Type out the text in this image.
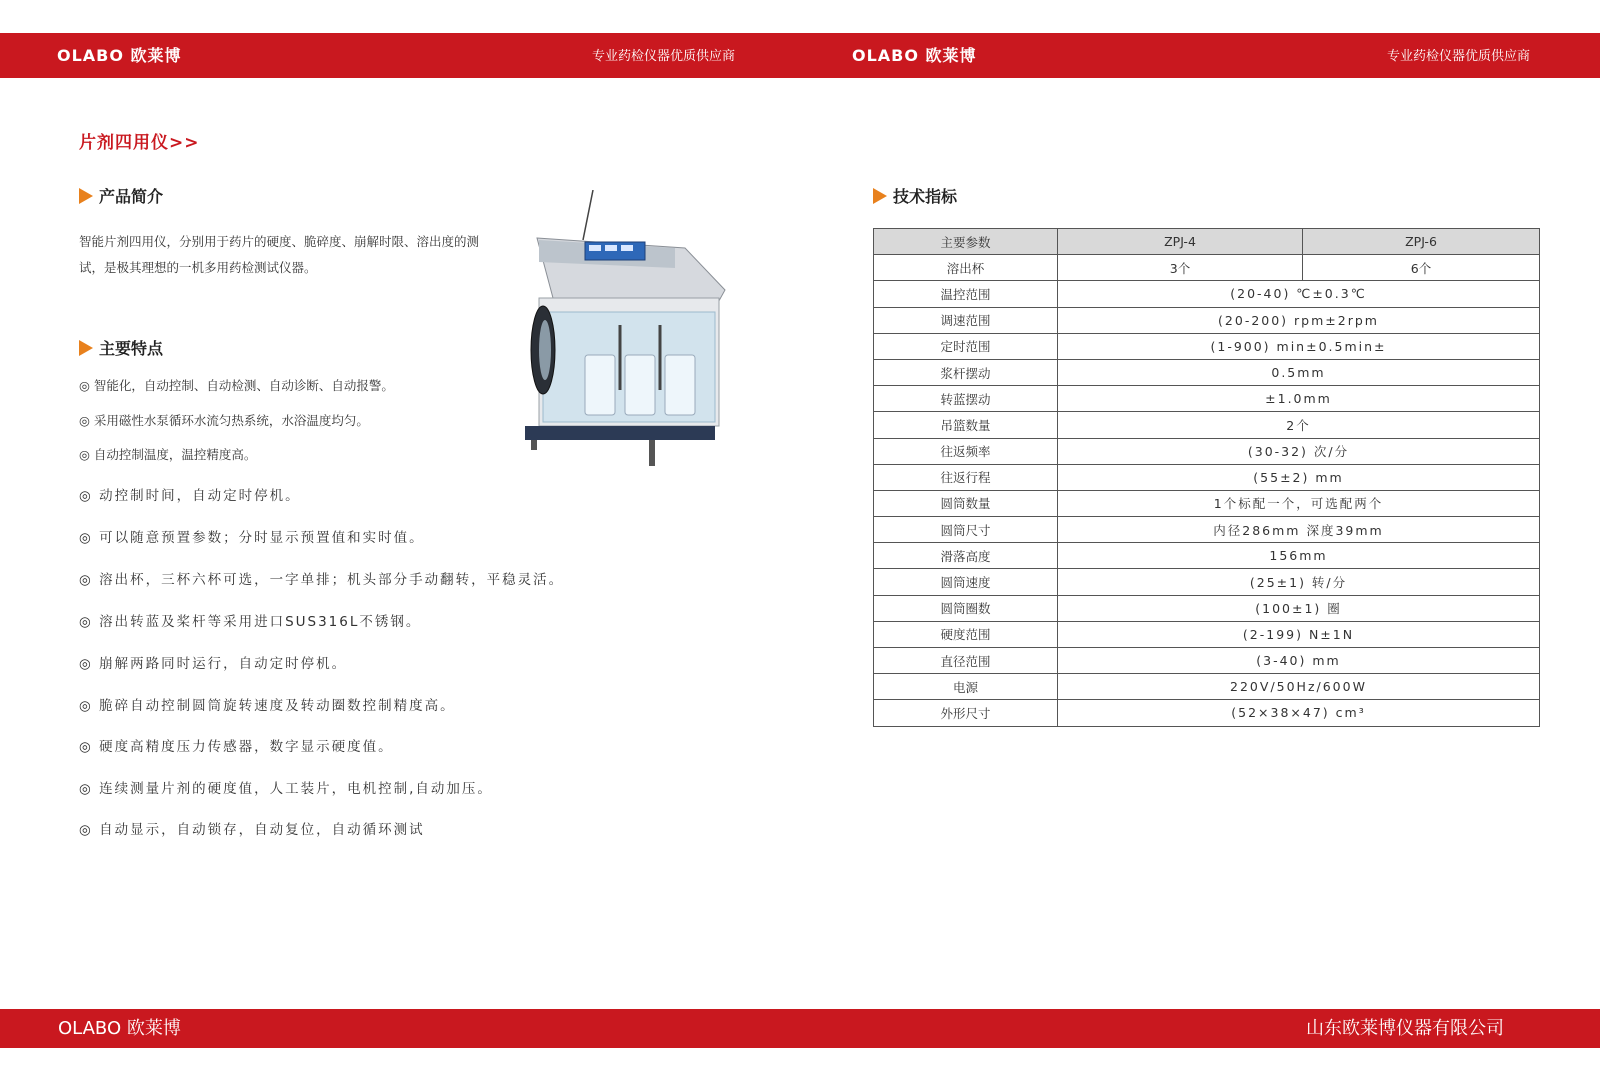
OLABO 欧莱博	专业药检仪器优质供应商	OLABO 欧莱博	专业药检仪器优质供应商
片剂四用仪>>
产品简介
智能片剂四用仪，分别用于药片的硬度、脆碎度、崩解时限、溶出度的测试，是极其理想的一机多用药检测试仪器。
主要特点
◎ 智能化，自动控制、自动检测、自动诊断、自动报警。
◎ 采用磁性水泵循环水流匀热系统，水浴温度均匀。
◎ 自动控制温度，温控精度高。
◎ 动控制时间，自动定时停机。
◎ 可以随意预置参数；分时显示预置值和实时值。
◎ 溶出杯，三杯六杯可选，一字单排；机头部分手动翻转，平稳灵活。
◎ 溶出转蓝及桨杆等采用进口SUS316L不锈钢。
◎ 崩解两路同时运行，自动定时停机。
◎ 脆碎自动控制圆筒旋转速度及转动圈数控制精度高。
◎ 硬度高精度压力传感器，数字显示硬度值。
◎ 连续测量片剂的硬度值，人工装片，电机控制,自动加压。
◎ 自动显示，自动锁存，自动复位，自动循环测试
技术指标
主要参数	ZPJ-4	ZPJ-6
溶出杯	3个	6个
温控范围	(20-40) ℃±0.3℃	
调速范围	(20-200) rpm±2rpm	
定时范围	(1-900) min±0.5min±	
浆杆摆动	0.5mm	
转蓝摆动	±1.0mm	
吊篮数量	2个	
往返频率	(30-32) 次/分	
往返行程	(55±2) mm	
圆筒数量	1个标配一个，可选配两个	
圆筒尺寸	内径286mm 深度39mm	
滑落高度	156mm	
圆筒速度	(25±1) 转/分	
圆筒圈数	(100±1) 圈	
硬度范围	(2-199) N±1N	
直径范围	(3-40) mm	
电源	220V/50Hz/600W	
外形尺寸	(52×38×47) cm³	
OLABO 欧莱博	山东欧莱博仪器有限公司
